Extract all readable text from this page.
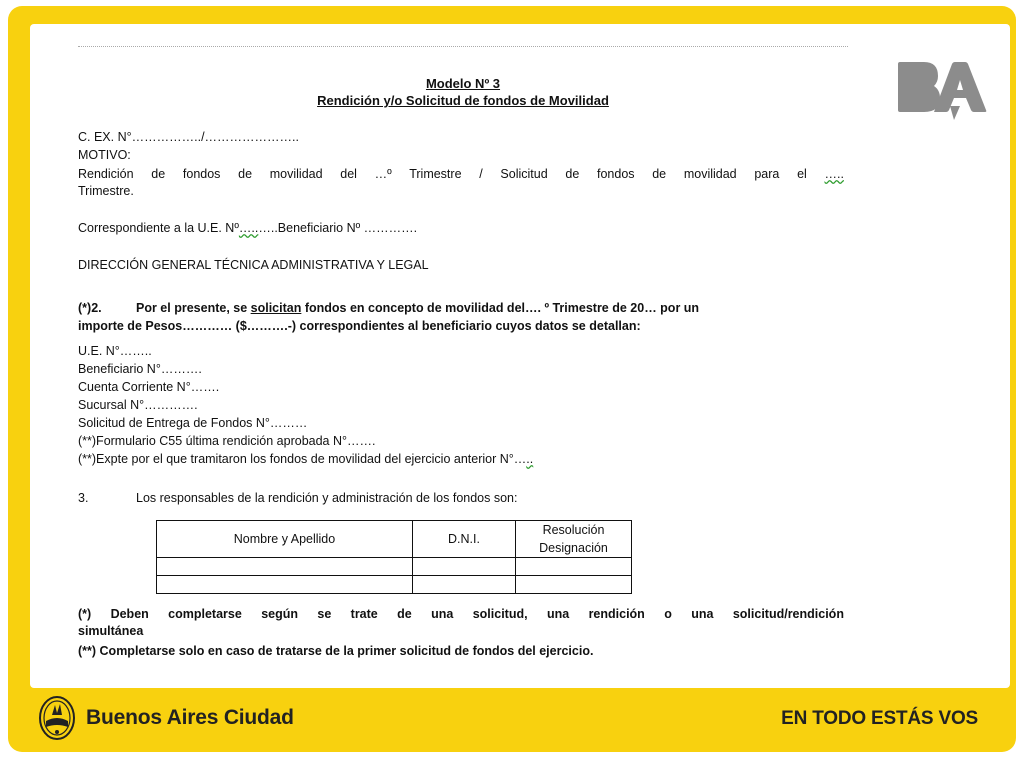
Modelo Nº 3
Rendición y/o Solicitud de fondos de Movilidad
C. EX. N°……………../…………………..
MOTIVO:
Rendición de fondos de movilidad del …º Trimestre / Solicitud de fondos de movilidad para el …..
Trimestre.
Correspondiente a la U.E. Nº…..…..Beneficiario Nº ………….
DIRECCIÓN GENERAL TÉCNICA ADMINISTRATIVA Y LEGAL
(*)2.	Por el presente, se solicitan fondos en concepto de movilidad del…. º Trimestre de 20… por un
importe de Pesos………… ($……….-) correspondientes al beneficiario cuyos datos se detallan:
U.E. N°……..
Beneficiario N°……….
Cuenta Corriente N°…….
Sucursal N°………….
Solicitud de Entrega de Fondos N°………
(**)Formulario C55 última rendición aprobada N°…….
(**)Expte por el que tramitaron los fondos de movilidad del ejercicio anterior N°…..
3.	Los responsables de la rendición y administración de los fondos son:
Nombre y Apellido	D.N.I.	Resolución Designación

(*) Deben completarse según se trate de una solicitud, una rendición o una solicitud/rendición
simultánea
(**) Completarse solo en caso de tratarse de la primer solicitud de fondos del ejercicio.
Buenos Aires Ciudad	EN TODO ESTÁS VOS
